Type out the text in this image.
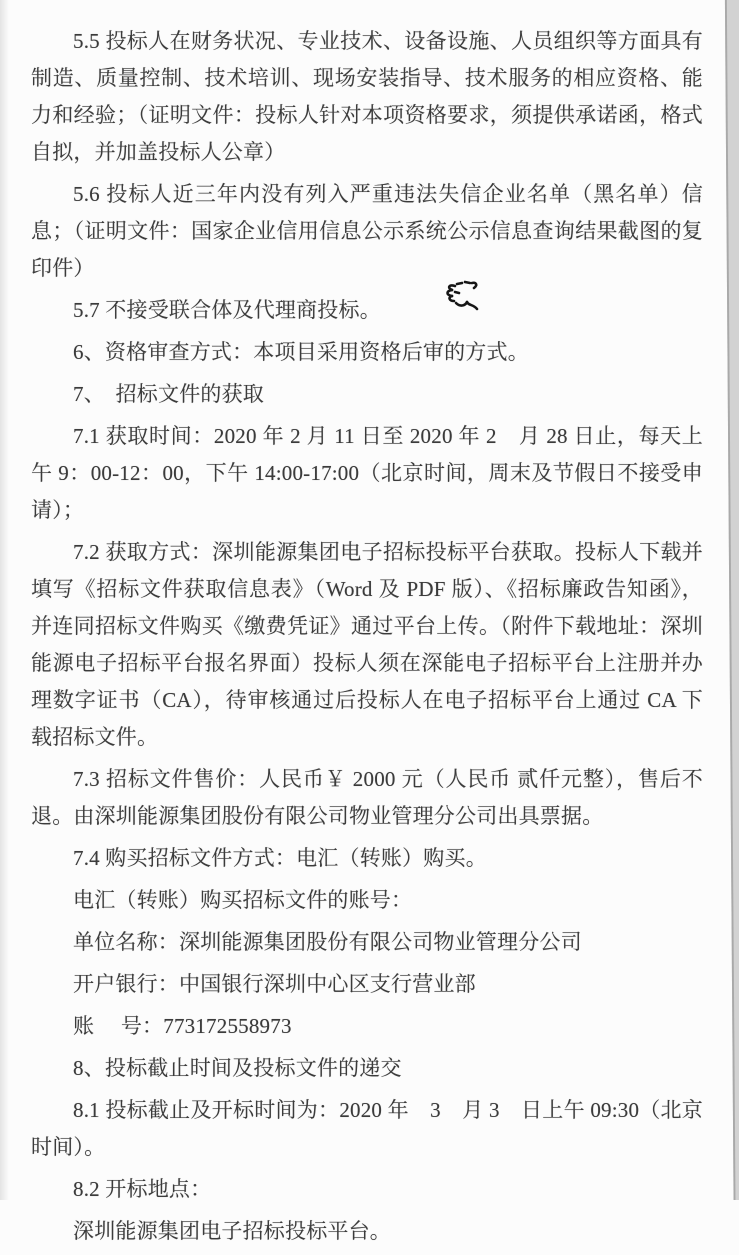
5.5 投标人在财务状况、专业技术、设备设施、人员组织等方面具有制造、质量控制、技术培训、现场安装指导、技术服务的相应资格、能力和经验；（证明文件：投标人针对本项资格要求，须提供承诺函，格式自拟，并加盖投标人公章）

5.6 投标人近三年内没有列入严重违法失信企业名单（黑名单）信息；（证明文件：国家企业信用信息公示系统公示信息查询结果截图的复印件）

5.7 不接受联合体及代理商投标。

6、资格审查方式：本项目采用资格后审的方式。

7、　招标文件的获取

7.1 获取时间：2020 年 2 月 11 日至 2020 年 2　月 28 日止，每天上午 9：00-12：00，下午 14:00-17:00（北京时间，周末及节假日不接受申请）；

7.2 获取方式：深圳能源集团电子招标投标平台获取。投标人下载并填写《招标文件获取信息表》（Word 及 PDF 版）、《招标廉政告知函》，并连同招标文件购买《缴费凭证》通过平台上传。（附件下载地址：深圳能源电子招标平台报名界面）投标人须在深能电子招标平台上注册并办理数字证书（CA），待审核通过后投标人在电子招标平台上通过 CA 下载招标文件。

7.3 招标文件售价：人民币￥ 2000 元（人民币 贰仟元整），售后不退。由深圳能源集团股份有限公司物业管理分公司出具票据。

7.4 购买招标文件方式：电汇（转账）购买。

电汇（转账）购买招标文件的账号：

单位名称：深圳能源集团股份有限公司物业管理分公司

开户银行：中国银行深圳中心区支行营业部

账　 号：773172558973

8、投标截止时间及投标文件的递交

8.1 投标截止及开标时间为：2020 年　3　月 3　日上午 09:30（北京时间）。

8.2 开标地点：

深圳能源集团电子招标投标平台。
